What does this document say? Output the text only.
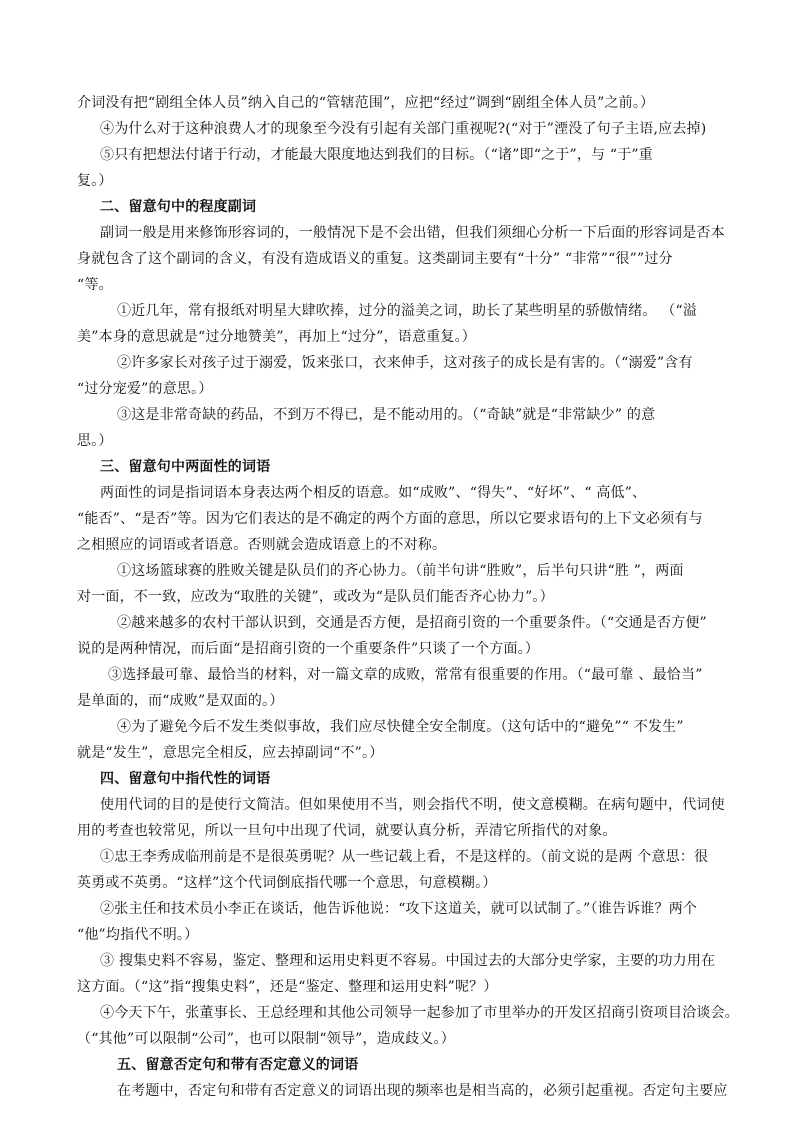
介词没有把“剧组全体人员”纳入自己的“管辖范围”，应把“经过”调到“剧组全体人员”之前。）
④为什么对于这种浪费人才的现象至今没有引起有关部门重视呢?(“对于”湮没了句子主语,应去掉)
⑤只有把想法付诸于行动，才能最大限度地达到我们的目标。（“诸”即“之于”，与 “于”重
复。）
二、留意句中的程度副词
副词一般是用来修饰形容词的，一般情况下是不会出错，但我们须细心分析一下后面的形容词是否本
身就包含了这个副词的含义，有没有造成语义的重复。这类副词主要有“十分” “非常”“很””过分
“等。
①近几年，常有报纸对明星大肆吹捧，过分的溢美之词，助长了某些明星的骄傲情绪。 （“溢
美”本身的意思就是“过分地赞美”，再加上“过分”，语意重复。）
②许多家长对孩子过于溺爱，饭来张口，衣来伸手，这对孩子的成长是有害的。（“溺爱”含有
“过分宠爱”的意思。）
③这是非常奇缺的药品，不到万不得已，是不能动用的。（“奇缺”就是“非常缺少” 的意
思。）
三、留意句中两面性的词语
两面性的词是指词语本身表达两个相反的语意。如“成败”、“得失”、“好坏”、“ 高低”、
“能否”、“是否”等。因为它们表达的是不确定的两个方面的意思，所以它要求语句的上下文必须有与
之相照应的词语或者语意。否则就会造成语意上的不对称。
①这场篮球赛的胜败关键是队员们的齐心协力。（前半句讲“胜败”，后半句只讲“胜 ”，两面
对一面，不一致，应改为“取胜的关键”，或改为“是队员们能否齐心协力”。）
②越来越多的农村干部认识到，交通是否方便，是招商引资的一个重要条件。（“交通是否方便”
说的是两种情况，而后面“是招商引资的一个重要条件”只谈了一个方面。）
③选择最可靠、最恰当的材料，对一篇文章的成败，常常有很重要的作用。（“最可靠 、最恰当”
是单面的，而“成败”是双面的。）
④为了避免今后不发生类似事故，我们应尽快健全安全制度。（这句话中的“避免”“ 不发生”
就是“发生”，意思完全相反，应去掉副词“不”。）
四、留意句中指代性的词语
使用代词的目的是使行文简洁。但如果使用不当，则会指代不明，使文意模糊。在病句题中，代词使
用的考查也较常见，所以一旦句中出现了代词，就要认真分析，弄清它所指代的对象。
①忠王李秀成临刑前是不是很英勇呢？从一些记载上看，不是这样的。（前文说的是两 个意思：很
英勇或不英勇。“这样”这个代词倒底指代哪一个意思，句意模糊。）
②张主任和技术员小李正在谈话，他告诉他说：“攻下这道关，就可以试制了。”（谁告诉谁？两个
“他”均指代不明。）
③ 搜集史料不容易，鉴定、整理和运用史料更不容易。中国过去的大部分史学家，主要的功力用在
这方面。（“这”指“搜集史料”，还是“鉴定、整理和运用史料”呢？）
④今天下午，张董事长、王总经理和其他公司领导一起参加了市里举办的开发区招商引资项目洽谈会。
（“其他”可以限制“公司”，也可以限制“领导”，造成歧义。）
五、留意否定句和带有否定意义的词语
在考题中，否定句和带有否定意义的词语出现的频率也是相当高的，必须引起重视。否定句主要应
